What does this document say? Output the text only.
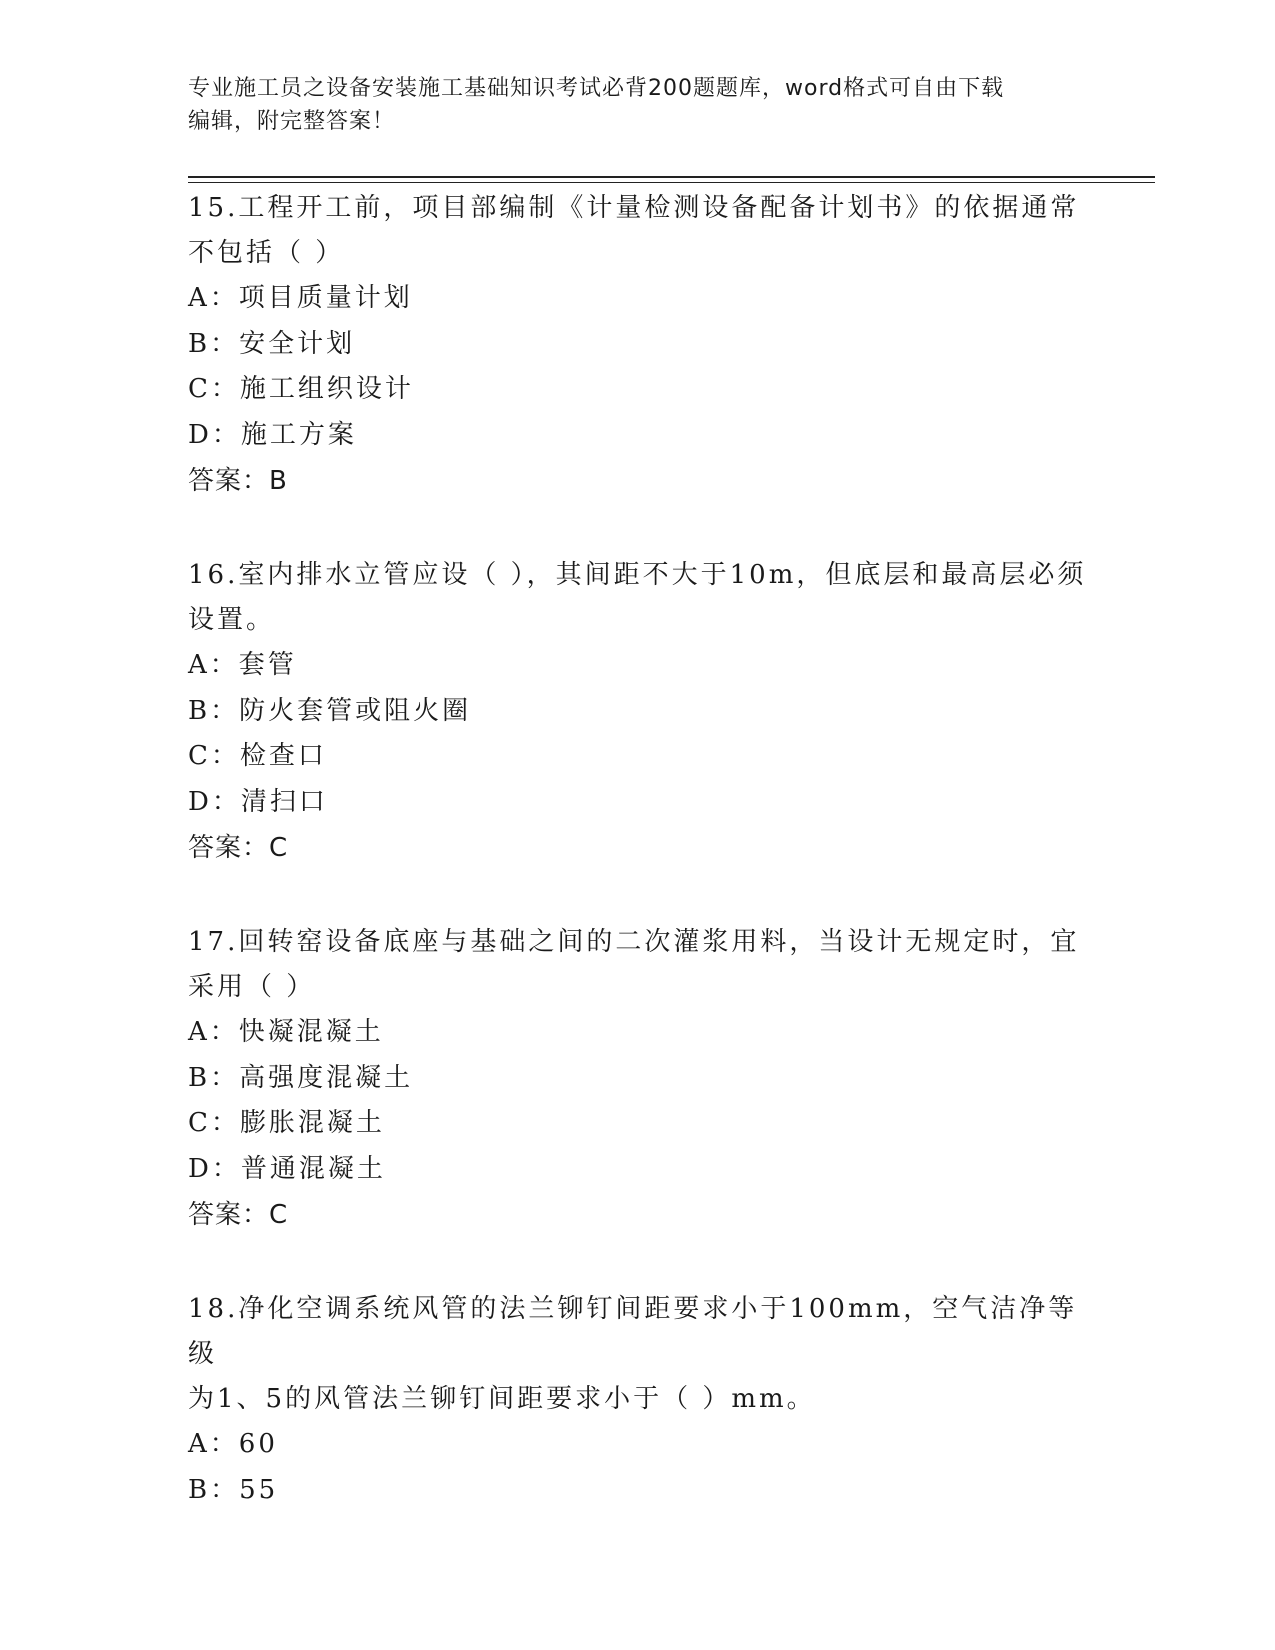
专业施工员之设备安装施工基础知识考试必背200题题库，word格式可自由下载
编辑，附完整答案！
15.工程开工前，项目部编制《计量检测设备配备计划书》的依据通常
不包括（ ）
A：项目质量计划
B：安全计划
C：施工组织设计
D：施工方案
答案：B
16.室内排水立管应设（ ），其间距不大于10m，但底层和最高层必须
设置。
A：套管
B：防火套管或阻火圈
C：检查口
D：清扫口
答案：C
17.回转窑设备底座与基础之间的二次灌浆用料，当设计无规定时，宜
采用（ ）
A：快凝混凝土
B：高强度混凝土
C：膨胀混凝土
D：普通混凝土
答案：C
18.净化空调系统风管的法兰铆钉间距要求小于100mm，空气洁净等级
为1、5的风管法兰铆钉间距要求小于（ ）mm。
A：60
B：55
